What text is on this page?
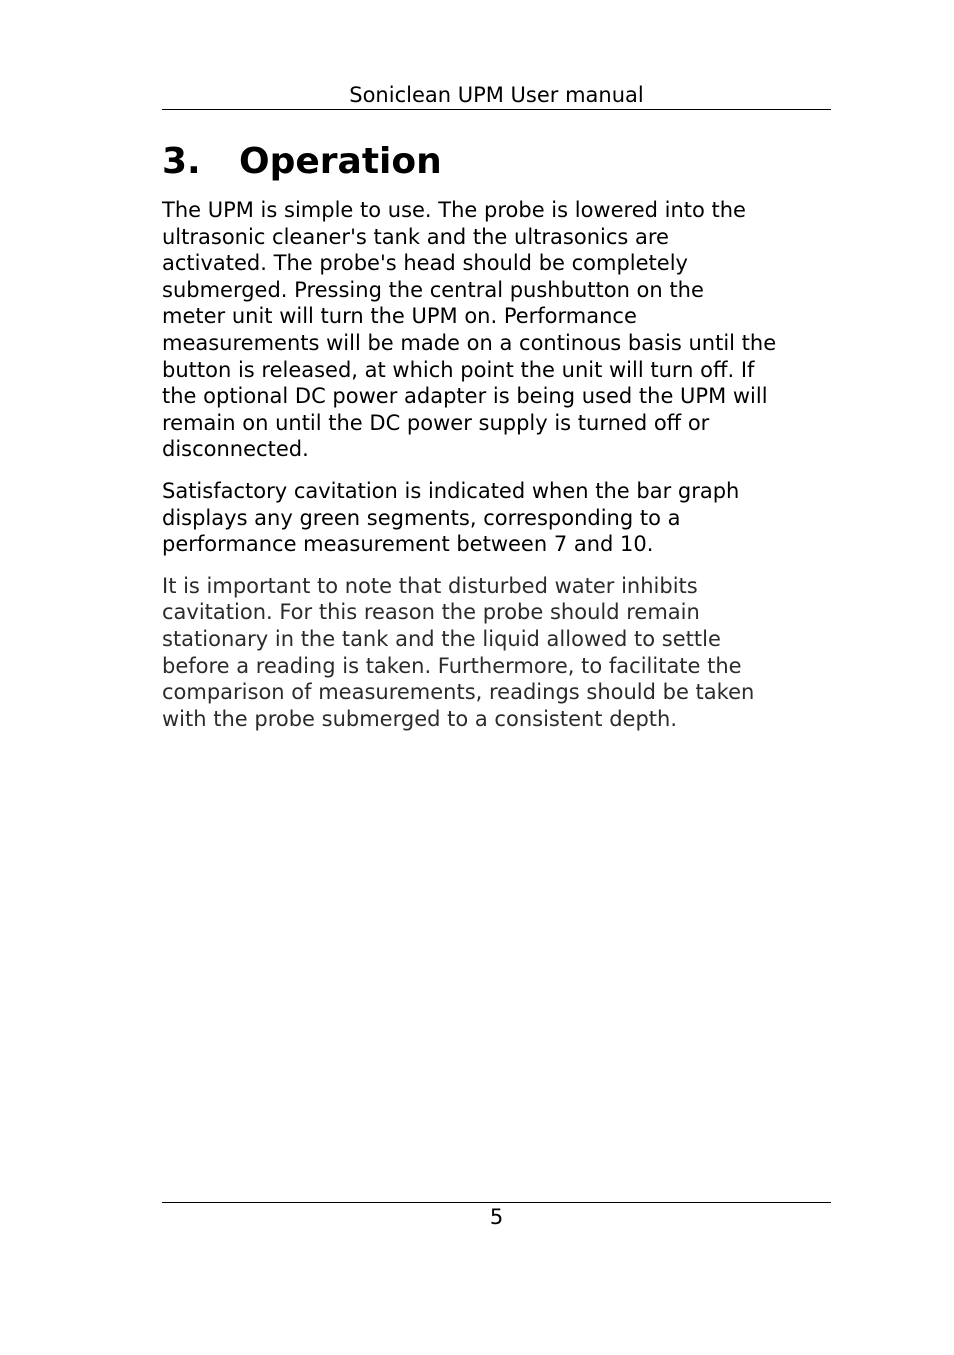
Soniclean UPM User manual
3. Operation

The UPM is simple to use. The probe is lowered into the
ultrasonic cleaner's tank and the ultrasonics are
activated. The probe's head should be completely
submerged. Pressing the central pushbutton on the
meter unit will turn the UPM on. Performance
measurements will be made on a continous basis until the
button is released, at which point the unit will turn off. If
the optional DC power adapter is being used the UPM will
remain on until the DC power supply is turned off or
disconnected.

Satisfactory cavitation is indicated when the bar graph
displays any green segments, corresponding to a
performance measurement between 7 and 10.

It is important to note that disturbed water inhibits
cavitation. For this reason the probe should remain
stationary in the tank and the liquid allowed to settle
before a reading is taken. Furthermore, to facilitate the
comparison of measurements, readings should be taken
with the probe submerged to a consistent depth.

5
